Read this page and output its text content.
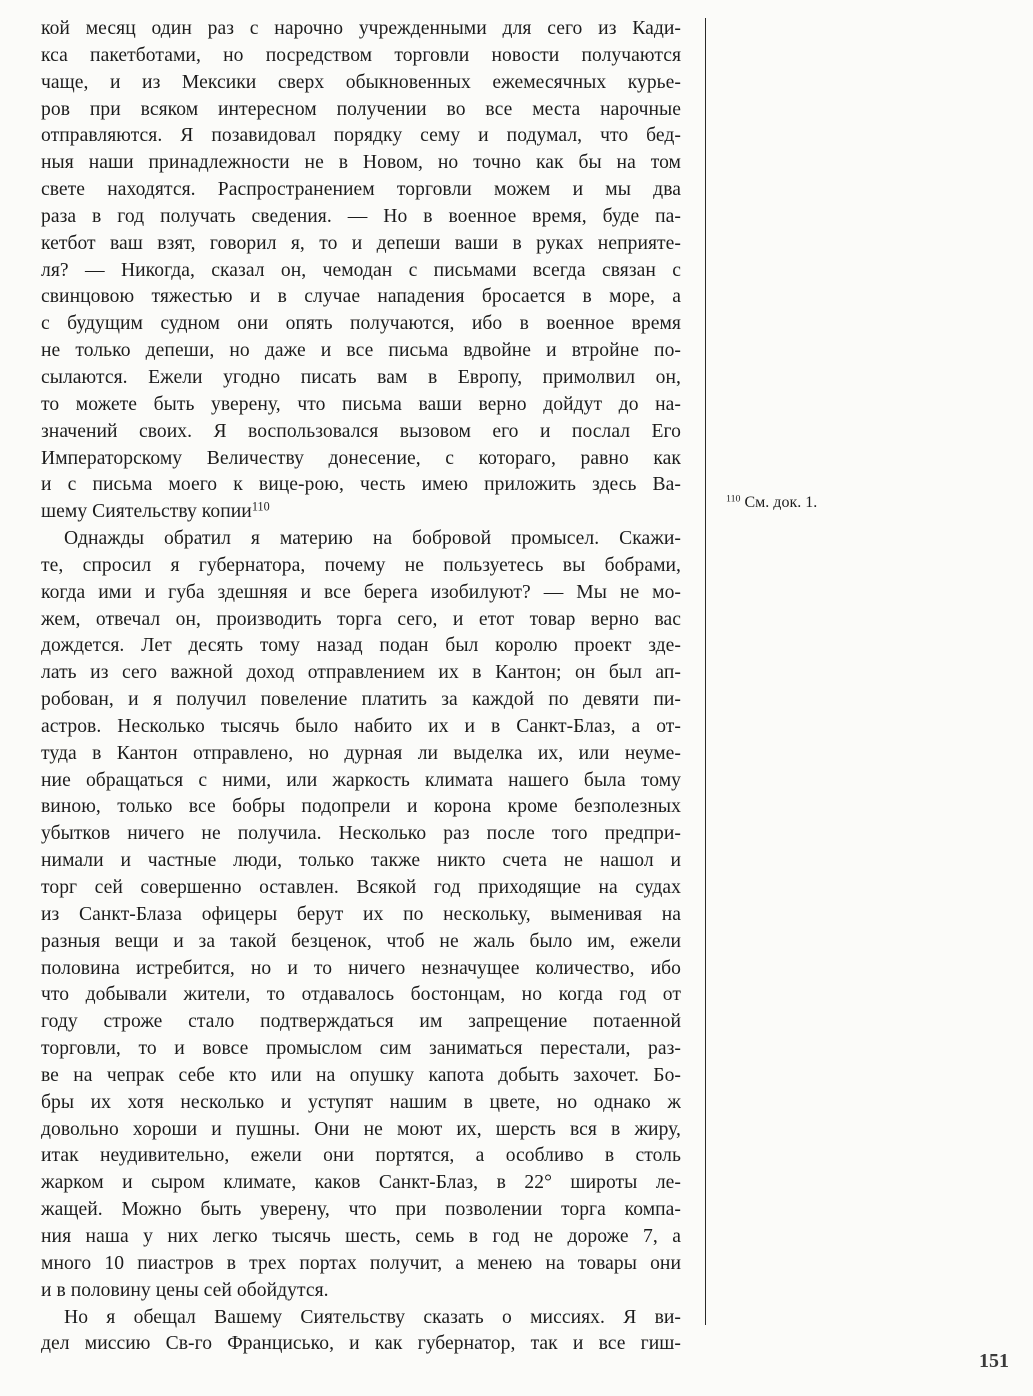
кой месяц один раз с нарочно учрежденными для сего из Кади-
кса пакетботами, но посредством торговли новости получаются
чаще, и из Мексики сверх обыкновенных ежемесячных курье-
ров при всяком интересном получении во все места нарочные
отправляются. Я позавидовал порядку сему и подумал, что бед-
ныя наши принадлежности не в Новом, но точно как бы на том
свете находятся. Распространением торговли можем и мы два
раза в год получать сведения. — Но в военное время, буде па-
кетбот ваш взят, говорил я, то и депеши ваши в руках неприяте-
ля? — Никогда, сказал он, чемодан с письмами всегда связан с
свинцовою тяжестью и в случае нападения бросается в море, а
с будущим судном они опять получаются, ибо в военное время
не только депеши, но даже и все письма вдвойне и втройне по-
сылаются. Ежели угодно писать вам в Европу, примолвил он,
то можете быть уверену, что письма ваши верно дойдут до на-
значений своих. Я воспользовался вызовом его и послал Его
Императорскому Величеству донесение, с котораго, равно как
и с письма моего к вице-рою, честь имею приложить здесь Ва-
шему Сиятельству копии$^{110}$
Однажды обратил я материю на бобровой промысел. Скажи-
те, спросил я губернатора, почему не пользуетесь вы бобрами,
когда ими и губа здешняя и все берега изобилуют? — Мы не мо-
жем, отвечал он, производить торга сего, и етот товар верно вас
дождется. Лет десять тому назад подан был королю проект зде-
лать из сего важной доход отправлением их в Кантон; он был ап-
робован, и я получил повеление платить за каждой по девяти пи-
астров. Несколько тысячь было набито их и в Санкт-Блаз, а от-
туда в Кантон отправлено, но дурная ли выделка их, или неуме-
ние обращаться с ними, или жаркость климата нашего была тому
виною, только все бобры подопрели и корона кроме безполезных
убытков ничего не получила. Несколько раз после того предпри-
нимали и частные люди, только также никто счета не нашол и
торг сей совершенно оставлен. Всякой год приходящие на судах
из Санкт-Блаза офицеры берут их по нескольку, выменивая на
разныя вещи и за такой безценок, чтоб не жаль было им, ежели
половина истребится, но и то ничего незначущее количество, ибо
что добывали жители, то отдавалось бостонцам, но когда год от
году строже стало подтверждаться им запрещение потаенной
торговли, то и вовсе промыслом сим заниматься перестали, раз-
ве на чепрак себе кто или на опушку капота добыть захочет. Бо-
бры их хотя несколько и уступят нашим в цвете, но однако ж
довольно хороши и пушны. Они не моют их, шерсть вся в жиру,
итак неудивительно, ежели они портятся, а особливо в столь
жарком и сыром климате, каков Санкт-Блаз, в 22° широты ле-
жащей. Можно быть уверену, что при позволении торга компа-
ния наша у них легко тысячь шесть, семь в год не дороже 7, а
много 10 пиастров в трех портах получит, а менею на товары они
и в половину цены сей обойдутся.
Но я обещал Вашему Сиятельству сказать о миссиях. Я ви-
дел миссию Св-го Францисько, и как губернатор, так и все гиш-
$^{110}$ См. док. 1.
151
